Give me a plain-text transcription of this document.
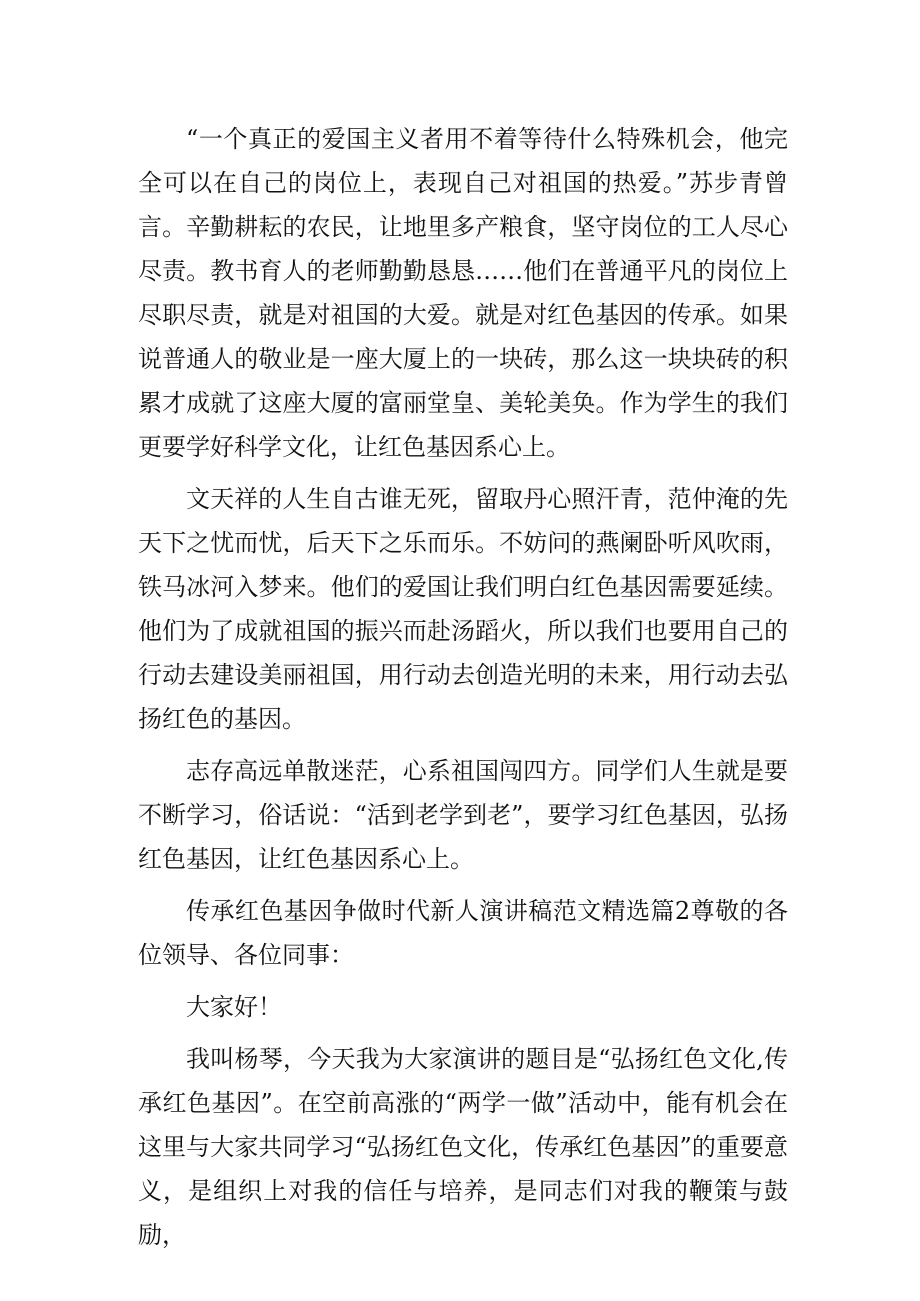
“一个真正的爱国主义者用不着等待什么特殊机会，他完全可以在自己的岗位上，表现自己对祖国的热爱。”苏步青曾言。辛勤耕耘的农民，让地里多产粮食，坚守岗位的工人尽心尽责。教书育人的老师勤勤恳恳……他们在普通平凡的岗位上尽职尽责，就是对祖国的大爱。就是对红色基因的传承。如果说普通人的敬业是一座大厦上的一块砖，那么这一块块砖的积累才成就了这座大厦的富丽堂皇、美轮美奂。作为学生的我们更要学好科学文化，让红色基因系心上。

文天祥的人生自古谁无死，留取丹心照汗青，范仲淹的先天下之忧而忧，后天下之乐而乐。不妨问的燕阑卧听风吹雨，铁马冰河入梦来。他们的爱国让我们明白红色基因需要延续。他们为了成就祖国的振兴而赴汤蹈火，所以我们也要用自己的行动去建设美丽祖国，用行动去创造光明的未来，用行动去弘扬红色的基因。

志存高远单散迷茫，心系祖国闯四方。同学们人生就是要不断学习，俗话说：“活到老学到老”，要学习红色基因，弘扬红色基因，让红色基因系心上。

传承红色基因争做时代新人演讲稿范文精选篇2尊敬的各位领导、各位同事：

大家好！

我叫杨琴，今天我为大家演讲的题目是“弘扬红色文化,传承红色基因”。在空前高涨的“两学一做”活动中，能有机会在这里与大家共同学习“弘扬红色文化，传承红色基因”的重要意义，是组织上对我的信任与培养，是同志们对我的鞭策与鼓励，
